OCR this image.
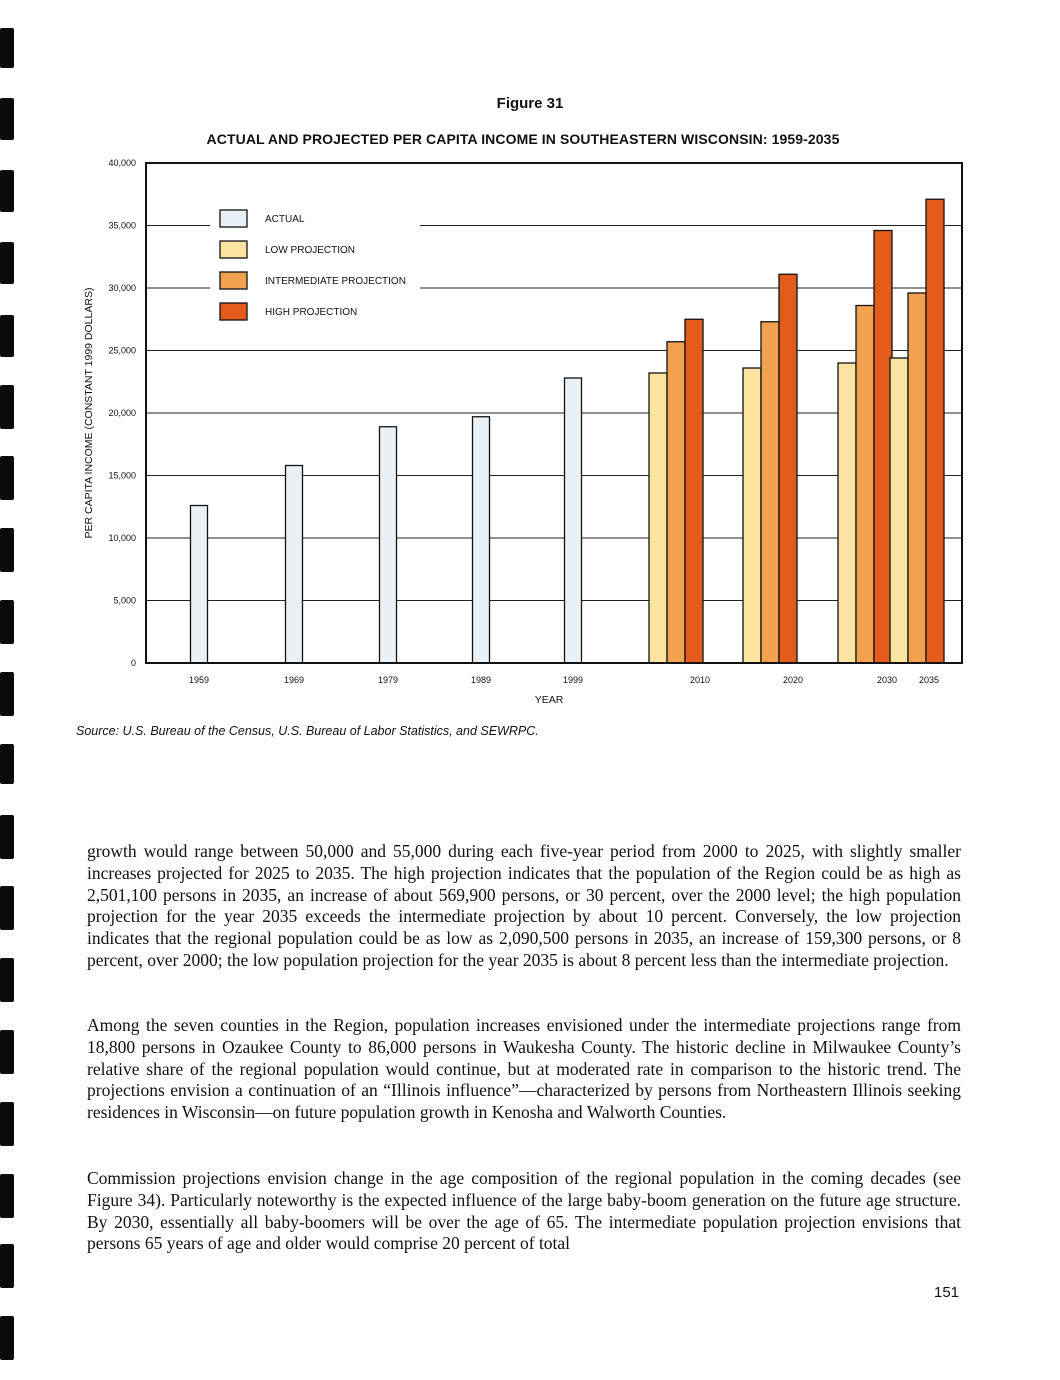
Figure 31
ACTUAL AND PROJECTED PER CAPITA INCOME IN SOUTHEASTERN WISCONSIN: 1959-2035
0
5,000
10,000
15,000
20,000
25,000
30,000
35,000
40,000
1959	1969	1979	1989	1999	2010	2020	2030 2035
ACTUAL
LOW PROJECTION
INTERMEDIATE PROJECTION
HIGH PROJECTION
YEAR
PER CAPITA INCOME (CONSTANT 1999 DOLLARS)
Source: U.S. Bureau of the Census, U.S. Bureau of Labor Statistics, and SEWRPC.
growth would range between 50,000 and 55,000 during each five-year period from 2000 to 2025, with slightly smaller increases projected for 2025 to 2035. The high projection indicates that the population of the Region could be as high as 2,501,100 persons in 2035, an increase of about 569,900 persons, or 30 percent, over the 2000 level; the high population projection for the year 2035 exceeds the intermediate projection by about 10 percent. Conversely, the low projection indicates that the regional population could be as low as 2,090,500 persons in 2035, an increase of 159,300 persons, or 8 percent, over 2000; the low population projection for the year 2035 is about 8 percent less than the intermediate projection.
Among the seven counties in the Region, population increases envisioned under the intermediate projections range from 18,800 persons in Ozaukee County to 86,000 persons in Waukesha County. The historic decline in Milwaukee County’s relative share of the regional population would continue, but at moderated rate in comparison to the historic trend. The projections envision a continuation of an “Illinois influence”—characterized by persons from Northeastern Illinois seeking residences in Wisconsin—on future population growth in Kenosha and Walworth Counties.
Commission projections envision change in the age composition of the regional population in the coming decades (see Figure 34). Particularly noteworthy is the expected influence of the large baby-boom generation on the future age structure. By 2030, essentially all baby-boomers will be over the age of 65. The intermediate population projection envisions that persons 65 years of age and older would comprise 20 percent of total
151
